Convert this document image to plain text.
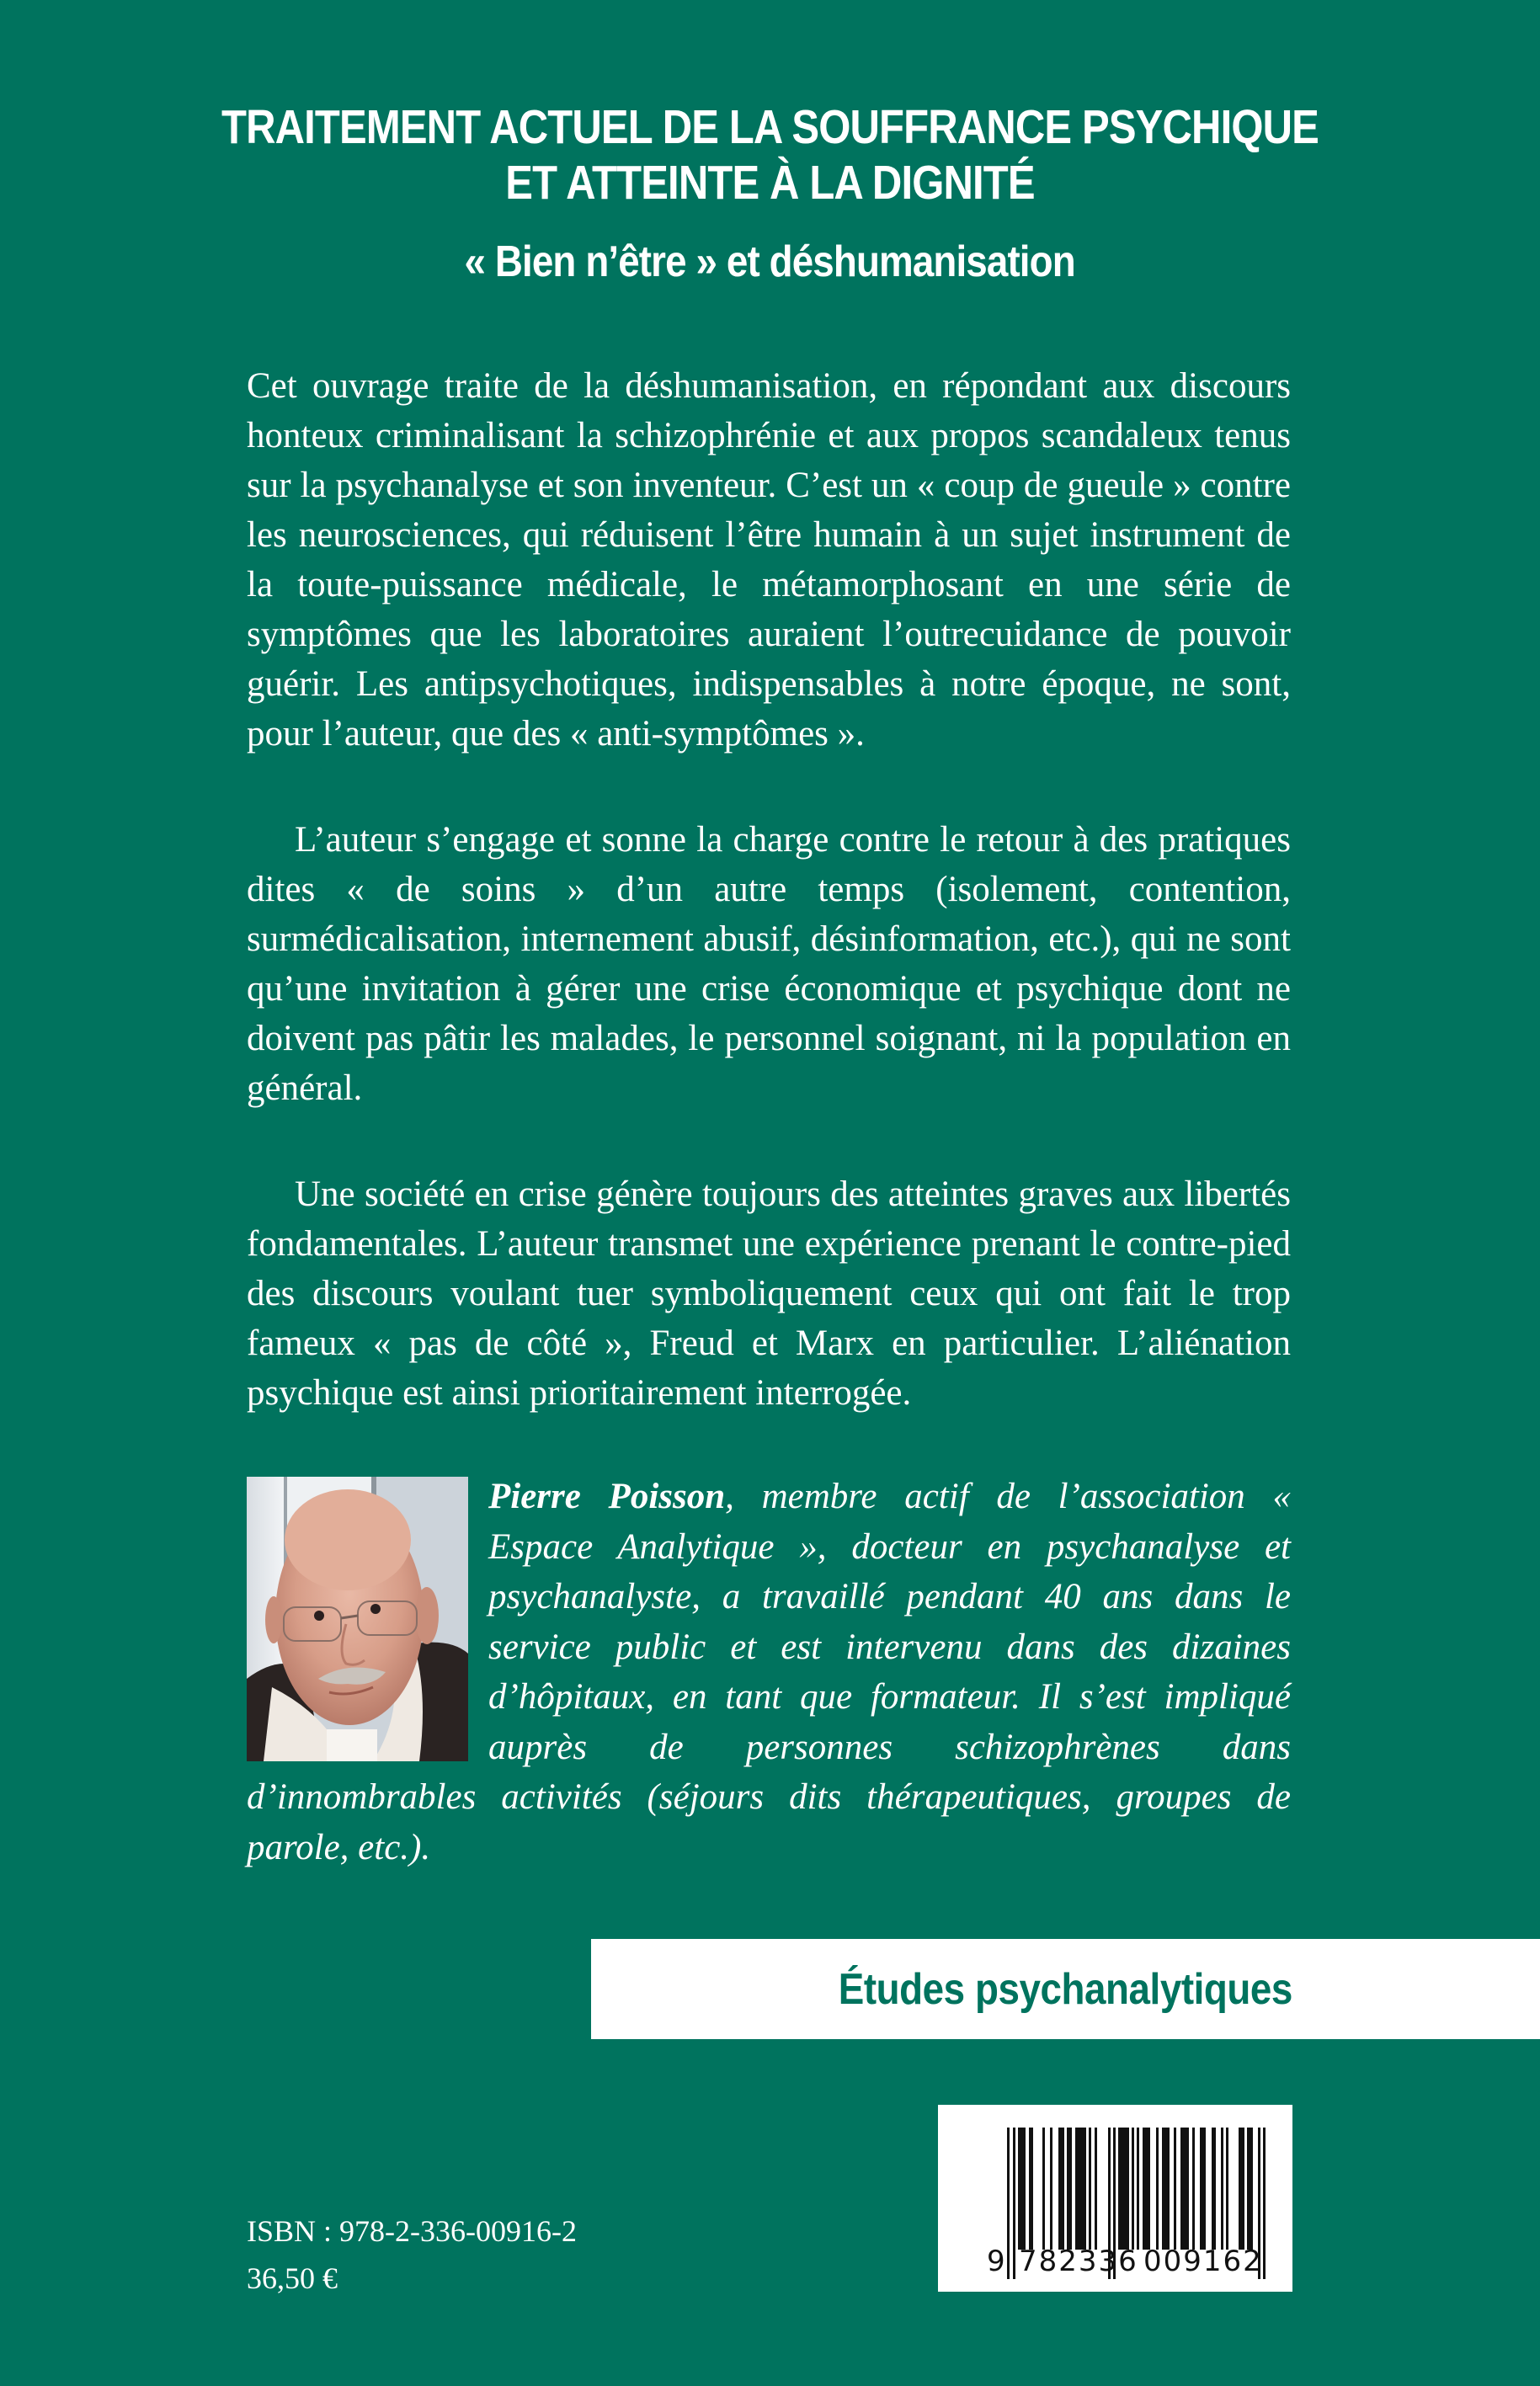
TRAITEMENT ACTUEL DE LA SOUFFRANCE PSYCHIQUE
ET ATTEINTE À LA DIGNITÉ
« Bien n’être » et déshumanisation

Cet ouvrage traite de la déshumanisation, en répondant aux discours honteux criminalisant la schizophrénie et aux propos scandaleux tenus sur la psychanalyse et son inventeur. C’est un « coup de gueule » contre les neurosciences, qui réduisent l’être humain à un sujet instrument de la toute-puissance médicale, le métamorphosant en une série de symptômes que les laboratoires auraient l’outrecuidance de pouvoir guérir. Les antipsychotiques, indispensables à notre époque, ne sont, pour l’auteur, que des « anti-symptômes ».

L’auteur s’engage et sonne la charge contre le retour à des pratiques dites « de soins » d’un autre temps (isolement, contention, surmédicalisation, internement abusif, désinformation, etc.), qui ne sont qu’une invitation à gérer une crise économique et psychique dont ne doivent pas pâtir les malades, le personnel soignant, ni la population en général.

Une société en crise génère toujours des atteintes graves aux libertés fondamentales. L’auteur transmet une expérience prenant le contre-pied des discours voulant tuer symboliquement ceux qui ont fait le trop fameux « pas de côté », Freud et Marx en particulier. L’aliénation psychique est ainsi prioritairement interrogée.

Pierre Poisson, membre actif de l’association « Espace Analytique », docteur en psychanalyse et psychanalyste, a travaillé pendant 40 ans dans le service public et est intervenu dans des dizaines d’hôpitaux, en tant que formateur. Il s’est impliqué auprès de personnes schizophrènes dans d’innombrables activités (séjours dits thérapeutiques, groupes de parole, etc.).
Études psychanalytiques
ISBN : 978-2-336-00916-2
36,50 €	9 782336 009162
